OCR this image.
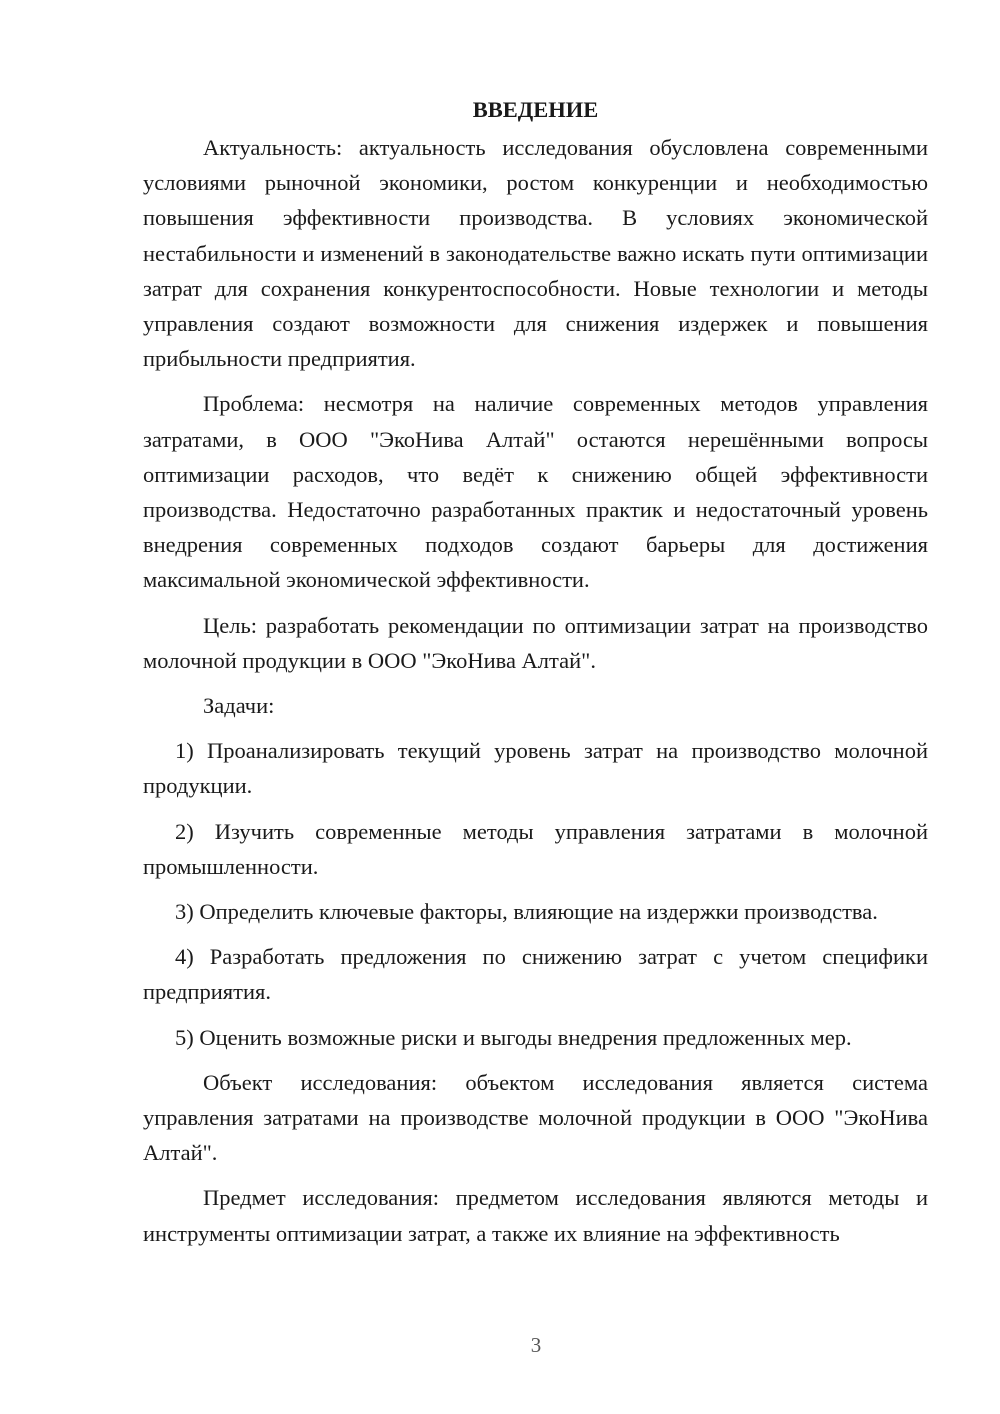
ВВЕДЕНИЕ

Актуальность: актуальность исследования обусловлена современными условиями рыночной экономики, ростом конкуренции и необходимостью повышения эффективности производства. В условиях экономической нестабильности и изменений в законодательстве важно искать пути оптимизации затрат для сохранения конкурентоспособности. Новые технологии и методы управления создают возможности для снижения издержек и повышения прибыльности предприятия.

Проблема: несмотря на наличие современных методов управления затратами, в ООО "ЭкоНива Алтай" остаются нерешёнными вопросы оптимизации расходов, что ведёт к снижению общей эффективности производства. Недостаточно разработанных практик и недостаточный уровень внедрения современных подходов создают барьеры для достижения максимальной экономической эффективности.

Цель: разработать рекомендации по оптимизации затрат на производство молочной продукции в ООО "ЭкоНива Алтай".

Задачи:

1) Проанализировать текущий уровень затрат на производство молочной продукции.

2) Изучить современные методы управления затратами в молочной промышленности.

3) Определить ключевые факторы, влияющие на издержки производства.

4) Разработать предложения по снижению затрат с учетом специфики предприятия.

5) Оценить возможные риски и выгоды внедрения предложенных мер.

Объект исследования: объектом исследования является система управления затратами на производстве молочной продукции в ООО "ЭкоНива Алтай".

Предмет исследования: предметом исследования являются методы и инструменты оптимизации затрат, а также их влияние на эффективность

3
